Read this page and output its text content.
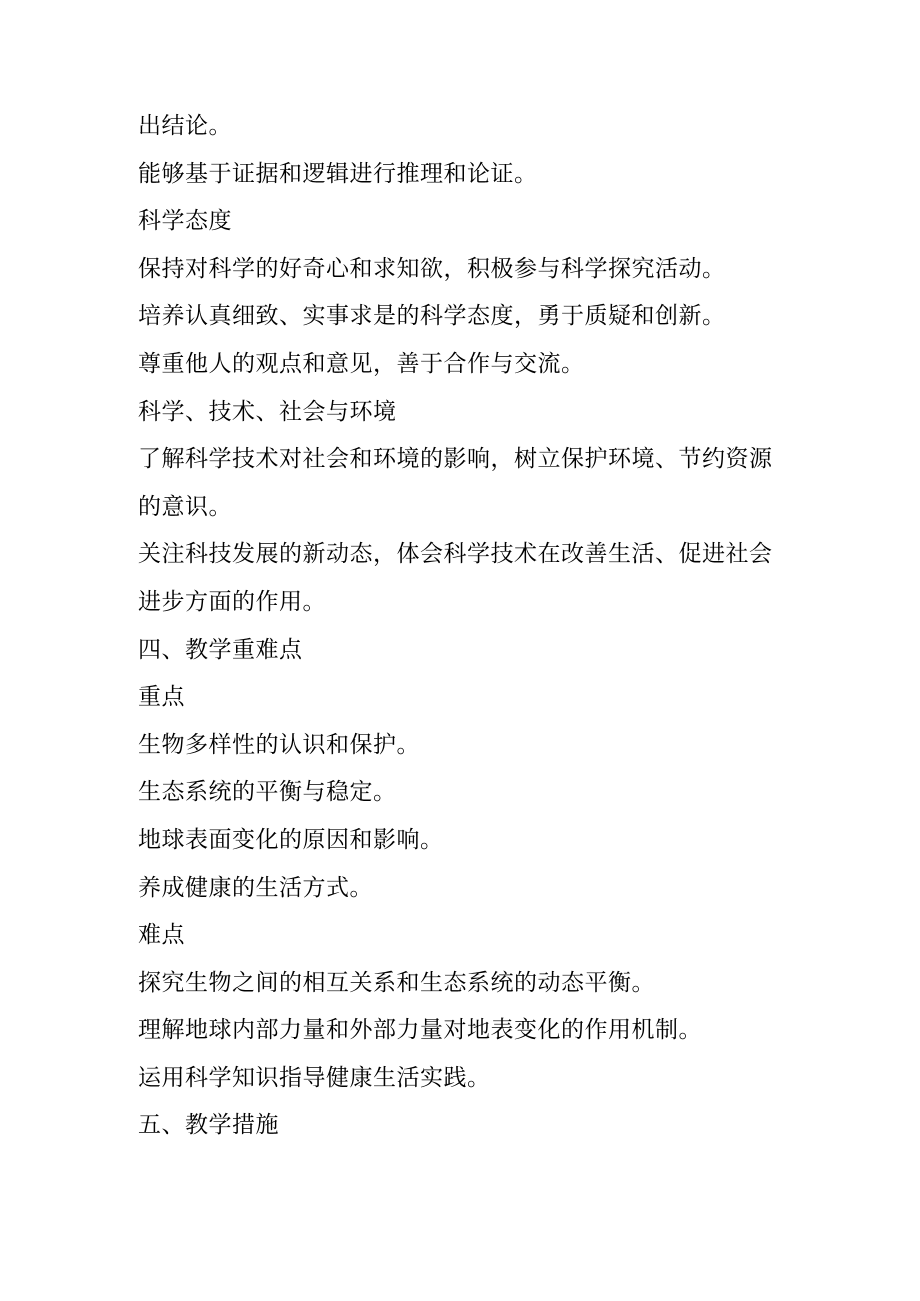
出结论。
能够基于证据和逻辑进行推理和论证。
科学态度
保持对科学的好奇心和求知欲，积极参与科学探究活动。
培养认真细致、实事求是的科学态度，勇于质疑和创新。
尊重他人的观点和意见，善于合作与交流。
科学、技术、社会与环境
了解科学技术对社会和环境的影响，树立保护环境、节约资源
的意识。
关注科技发展的新动态，体会科学技术在改善生活、促进社会
进步方面的作用。
四、教学重难点
重点
生物多样性的认识和保护。
生态系统的平衡与稳定。
地球表面变化的原因和影响。
养成健康的生活方式。
难点
探究生物之间的相互关系和生态系统的动态平衡。
理解地球内部力量和外部力量对地表变化的作用机制。
运用科学知识指导健康生活实践。
五、教学措施
